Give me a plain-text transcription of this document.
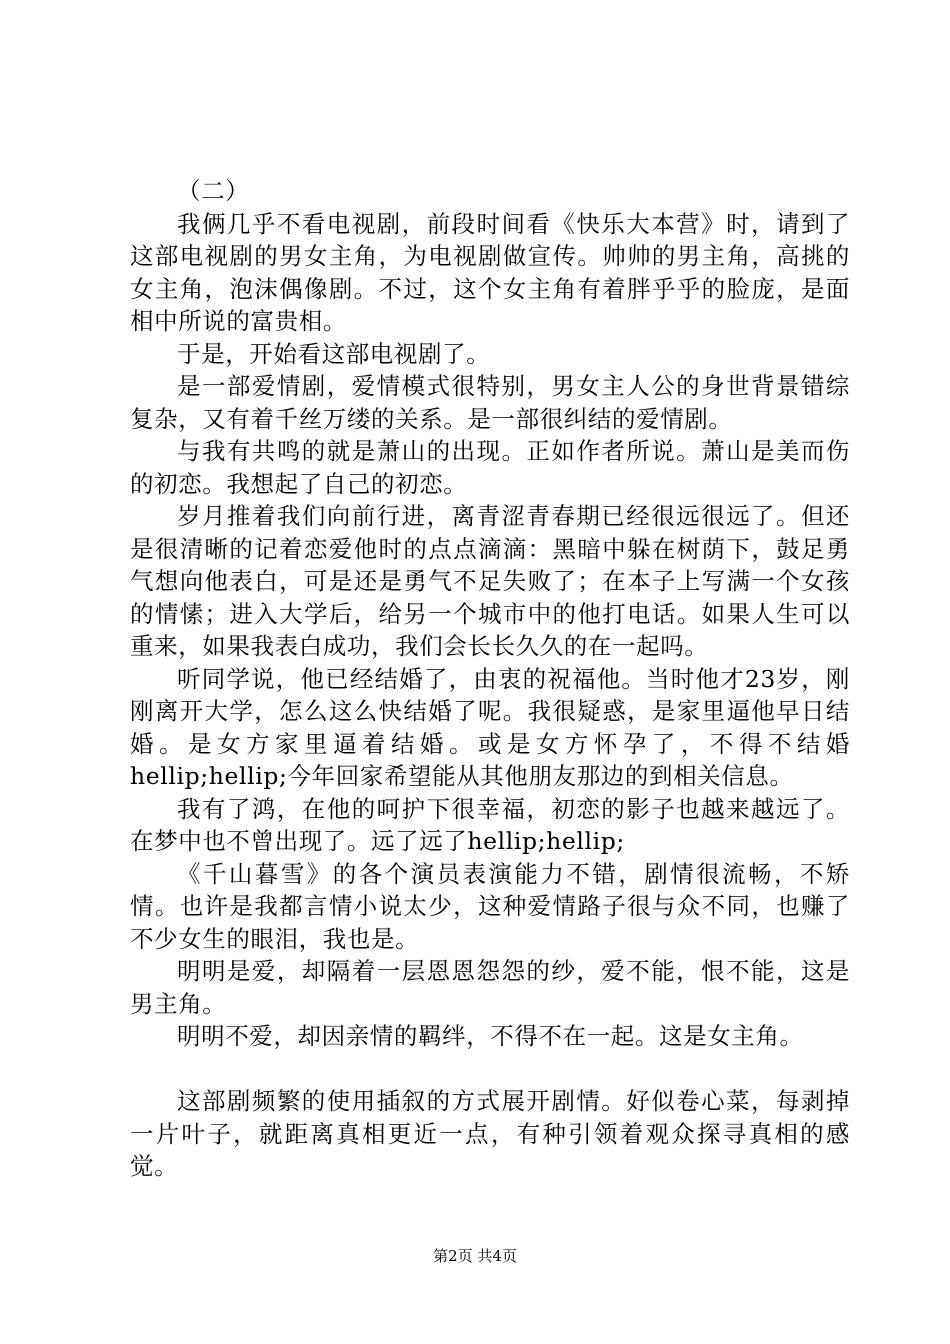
（二）

我俩几乎不看电视剧，前段时间看《快乐大本营》时，请到了这部电视剧的男女主角，为电视剧做宣传。帅帅的男主角，高挑的女主角，泡沫偶像剧。不过，这个女主角有着胖乎乎的脸庞，是面相中所说的富贵相。

于是，开始看这部电视剧了。

是一部爱情剧，爱情模式很特别，男女主人公的身世背景错综复杂，又有着千丝万缕的关系。是一部很纠结的爱情剧。

与我有共鸣的就是萧山的出现。正如作者所说。萧山是美而伤的初恋。我想起了自己的初恋。

岁月推着我们向前行进，离青涩青春期已经很远很远了。但还是很清晰的记着恋爱他时的点点滴滴：黑暗中躲在树荫下，鼓足勇气想向他表白，可是还是勇气不足失败了；在本子上写满一个女孩的情愫；进入大学后，给另一个城市中的他打电话。如果人生可以重来，如果我表白成功，我们会长长久久的在一起吗。

听同学说，他已经结婚了，由衷的祝福他。当时他才23岁，刚刚离开大学，怎么这么快结婚了呢。我很疑惑，是家里逼他早日结婚。是女方家里逼着结婚。或是女方怀孕了，不得不结婚hellip;hellip;今年回家希望能从其他朋友那边的到相关信息。

我有了鸿，在他的呵护下很幸福，初恋的影子也越来越远了。在梦中也不曾出现了。远了远了hellip;hellip;

《千山暮雪》的各个演员表演能力不错，剧情很流畅，不矫情。也许是我都言情小说太少，这种爱情路子很与众不同，也赚了不少女生的眼泪，我也是。

明明是爱，却隔着一层恩恩怨怨的纱，爱不能，恨不能，这是男主角。

明明不爱，却因亲情的羁绊，不得不在一起。这是女主角。

这部剧频繁的使用插叙的方式展开剧情。好似卷心菜，每剥掉一片叶子，就距离真相更近一点，有种引领着观众探寻真相的感觉。

第2页 共4页
